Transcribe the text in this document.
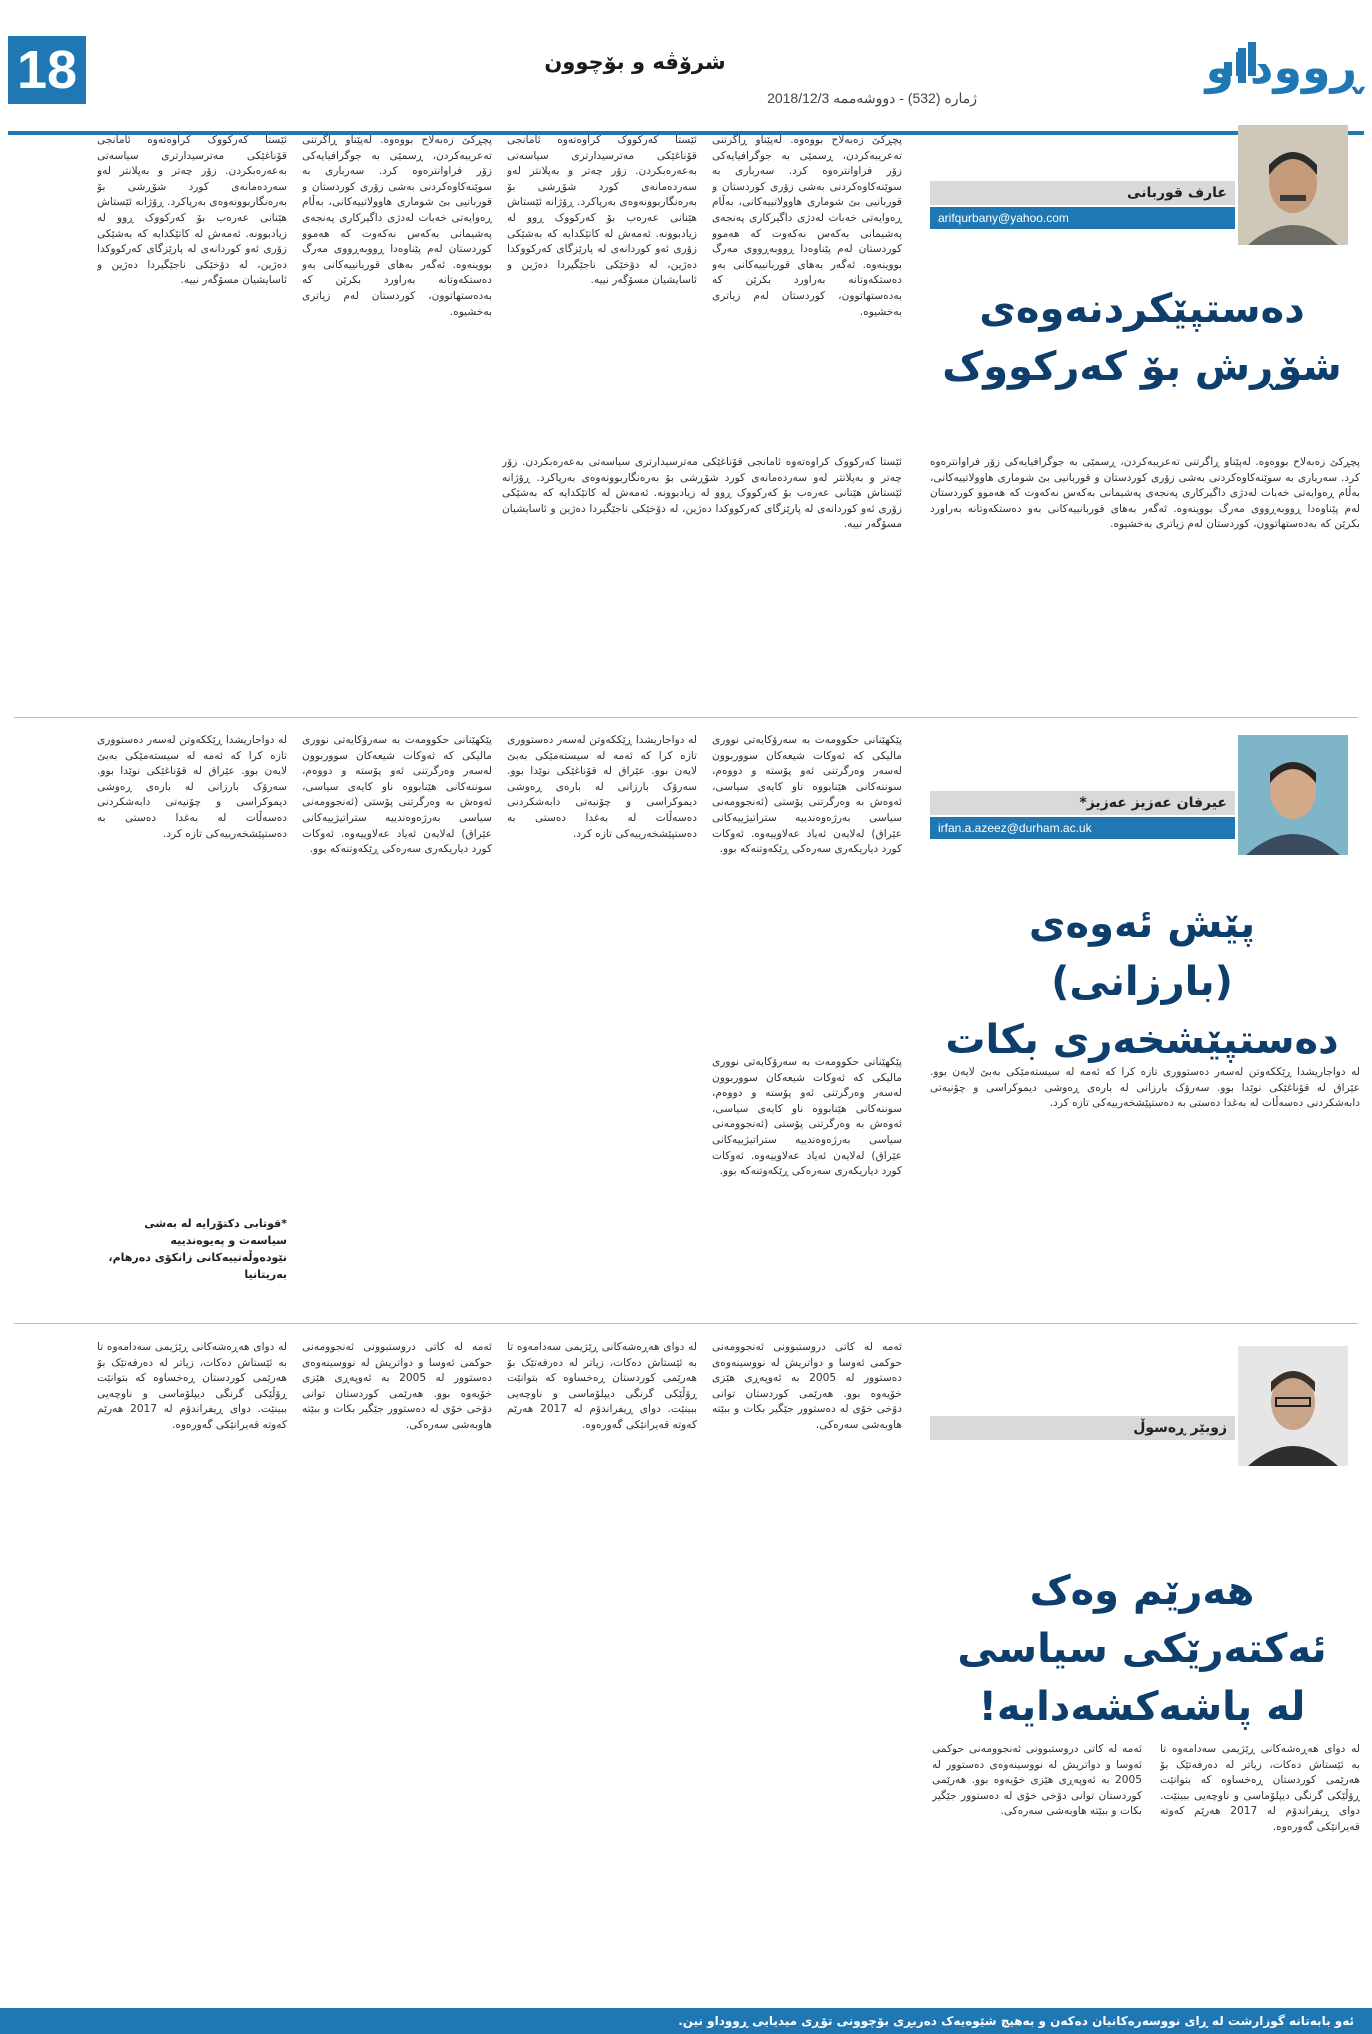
18	شرۆڤە و بۆچوون
ژمارە (532) - دووشەممە 2018/12/3
ڕووداو
عارف قوربانی
arifqurbany@yahoo.com
دەستپێکردنەوەی شۆڕش بۆ کەرکووک
پچڕکێ زەبەلاح بووەوە. لەپێناو ڕاگرتنی تەعریبەکردن، ڕسمێی بە جوگرافیایەکی زۆر فراوانترەوە کرد. سەرباری بە سوێنەکاوەکردنی بەشی زۆری کوردستان و قوربانیی بێ شوماری هاوولاتییەکانی، بەڵام ڕەوایەتی خەبات لەدژی داگیرکاری پەنجەی پەشیمانی بەکەس نەکەوت کە هەموو کوردستان لەم پێناوەدا ڕووبەڕووی مەرگ بووینەوە. ئەگەر بەهای قوربانییەکانی بەو دەستکەوتانە بەراورد بکرێن کە بەدەستهاتوون، کوردستان لەم زیاتری بەخشیوە.
ئێستا کەرکووک کراوەتەوە ئامانجی قۆناغێکی مەترسیدارتری سیاسەتی بەعەرەبکردن. زۆر چەتر و بەپلانتر لەو سەردەمانەی کورد شۆڕشی بۆ بەرەنگاربوونەوەی بەرپاکرد. ڕۆژانە ئێستاش هێنانی عەرەب بۆ کەرکووک ڕوو لە زیادبوونە. ئەمەش لە کاتێکدایە کە بەشێکی زۆری ئەو کوردانەی لە پارێزگای کەرکووکدا دەژین، لە دۆخێکی ناجێگیردا دەژین و ئاسایشیان مسۆگەر نییە.
پچڕکێ زەبەلاح بووەوە. لەپێناو ڕاگرتنی تەعریبەکردن، ڕسمێی بە جوگرافیایەکی زۆر فراوانترەوە کرد. سەرباری بە سوێنەکاوەکردنی بەشی زۆری کوردستان و قوربانیی بێ شوماری هاوولاتییەکانی، بەڵام ڕەوایەتی خەبات لەدژی داگیرکاری پەنجەی پەشیمانی بەکەس نەکەوت کە هەموو کوردستان لەم پێناوەدا ڕووبەڕووی مەرگ بووینەوە. ئەگەر بەهای قوربانییەکانی بەو دەستکەوتانە بەراورد بکرێن کە بەدەستهاتوون، کوردستان لەم زیاتری بەخشیوە.
ئێستا کەرکووک کراوەتەوە ئامانجی قۆناغێکی مەترسیدارتری سیاسەتی بەعەرەبکردن. زۆر چەتر و بەپلانتر لەو سەردەمانەی کورد شۆڕشی بۆ بەرەنگاربوونەوەی بەرپاکرد. ڕۆژانە ئێستاش هێنانی عەرەب بۆ کەرکووک ڕوو لە زیادبوونە. ئەمەش لە کاتێکدایە کە بەشێکی زۆری ئەو کوردانەی لە پارێزگای کەرکووکدا دەژین، لە دۆخێکی ناجێگیردا دەژین و ئاسایشیان مسۆگەر نییە.
پچڕکێ زەبەلاح بووەوە. لەپێناو ڕاگرتنی تەعریبەکردن، ڕسمێی بە جوگرافیایەکی زۆر فراوانترەوە کرد. سەرباری بە سوێنەکاوەکردنی بەشی زۆری کوردستان و قوربانیی بێ شوماری هاوولاتییەکانی، بەڵام ڕەوایەتی خەبات لەدژی داگیرکاری پەنجەی پەشیمانی بەکەس نەکەوت کە هەموو کوردستان لەم پێناوەدا ڕووبەڕووی مەرگ بووینەوە. ئەگەر بەهای قوربانییەکانی بەو دەستکەوتانە بەراورد بکرێن کە بەدەستهاتوون، کوردستان لەم زیاتری بەخشیوە.
ئێستا کەرکووک کراوەتەوە ئامانجی قۆناغێکی مەترسیدارتری سیاسەتی بەعەرەبکردن. زۆر چەتر و بەپلانتر لەو سەردەمانەی کورد شۆڕشی بۆ بەرەنگاربوونەوەی بەرپاکرد. ڕۆژانە ئێستاش هێنانی عەرەب بۆ کەرکووک ڕوو لە زیادبوونە. ئەمەش لە کاتێکدایە کە بەشێکی زۆری ئەو کوردانەی لە پارێزگای کەرکووکدا دەژین، لە دۆخێکی ناجێگیردا دەژین و ئاسایشیان مسۆگەر نییە.
عیرفان عەزیز عەزیز*
irfan.a.azeez@durham.ac.uk
پێش ئەوەی (بارزانی) دەستپێشخەری بکات
پێکهێنانی حکوومەت بە سەرۆکایەتی نووری مالیکی کە ئەوکات شیعەکان سووربوون لەسەر وەرگرتنی ئەو پۆستە و دووەم، سوننەکانی هێنابووە ناو کایەی سیاسی، ئەوەش بە وەرگرتنی پۆستی (ئەنجوومەنی سیاسی بەرژەوەندییە ستراتیژییەکانی عێراق) لەلایەن ئەیاد عەلاوییەوە. ئەوکات کورد دیاریکەری سەرەکی ڕێکەوتنەکە بوو.
لە دواجاریشدا ڕێککەوتن لەسەر دەستووری تازە کرا کە ئەمە لە سیستەمێکی بەبێ لایەن بوو. عێراق لە قۆناغێکی نوێدا بوو. سەرۆک بارزانی لە بارەی ڕەوشی دیموکراسی و چۆنیەتی دابەشکردنی دەسەڵات لە بەغدا دەستی بە دەستپێشخەرییەکی تازە کرد.
پێکهێنانی حکوومەت بە سەرۆکایەتی نووری مالیکی کە ئەوکات شیعەکان سووربوون لەسەر وەرگرتنی ئەو پۆستە و دووەم، سوننەکانی هێنابووە ناو کایەی سیاسی، ئەوەش بە وەرگرتنی پۆستی (ئەنجوومەنی سیاسی بەرژەوەندییە ستراتیژییەکانی عێراق) لەلایەن ئەیاد عەلاوییەوە. ئەوکات کورد دیاریکەری سەرەکی ڕێکەوتنەکە بوو.
لە دواجاریشدا ڕێککەوتن لەسەر دەستووری تازە کرا کە ئەمە لە سیستەمێکی بەبێ لایەن بوو. عێراق لە قۆناغێکی نوێدا بوو. سەرۆک بارزانی لە بارەی ڕەوشی دیموکراسی و چۆنیەتی دابەشکردنی دەسەڵات لە بەغدا دەستی بە دەستپێشخەرییەکی تازە کرد.
لە دواجاریشدا ڕێککەوتن لەسەر دەستووری تازە کرا کە ئەمە لە سیستەمێکی بەبێ لایەن بوو. عێراق لە قۆناغێکی نوێدا بوو. سەرۆک بارزانی لە بارەی ڕەوشی دیموکراسی و چۆنیەتی دابەشکردنی دەسەڵات لە بەغدا دەستی بە دەستپێشخەرییەکی تازە کرد.
پێکهێنانی حکوومەت بە سەرۆکایەتی نووری مالیکی کە ئەوکات شیعەکان سووربوون لەسەر وەرگرتنی ئەو پۆستە و دووەم، سوننەکانی هێنابووە ناو کایەی سیاسی، ئەوەش بە وەرگرتنی پۆستی (ئەنجوومەنی سیاسی بەرژەوەندییە ستراتیژییەکانی عێراق) لەلایەن ئەیاد عەلاوییەوە. ئەوکات کورد دیاریکەری سەرەکی ڕێکەوتنەکە بوو.
*قوتابی دکتۆرایە لە بەشی سیاسەت و پەیوەندییە نێودەوڵەتییەکانی زانکۆی دەرهام، بەریتانیا
زوبێر ڕەسوڵ
هەرێم وەک ئەکتەرێکی سیاسی لە پاشەکشەدایە!
ئەمە لە کاتی دروستبوونی ئەنجوومەنی حوکمی ئەوسا و دواتریش لە نووسینەوەی دەستوور لە 2005 بە ئەوپەڕی هێزی خۆیەوە بوو. هەرێمی کوردستان توانی دۆخی خۆی لە دەستوور جێگیر بکات و ببێتە هاوبەشی سەرەکی.
لە دوای هەڕەشەکانی ڕێژیمی سەدامەوە تا بە ئێستاش دەکات، زیاتر لە دەرفەتێک بۆ هەرێمی کوردستان ڕەخساوە کە بتوانێت ڕۆڵێکی گرنگی دیپلۆماسی و ناوچەیی ببینێت. دوای ڕیفراندۆم لە 2017 هەرێم کەوتە قەیرانێکی گەورەوە.
ئەمە لە کاتی دروستبوونی ئەنجوومەنی حوکمی ئەوسا و دواتریش لە نووسینەوەی دەستوور لە 2005 بە ئەوپەڕی هێزی خۆیەوە بوو. هەرێمی کوردستان توانی دۆخی خۆی لە دەستوور جێگیر بکات و ببێتە هاوبەشی سەرەکی.
لە دوای هەڕەشەکانی ڕێژیمی سەدامەوە تا بە ئێستاش دەکات، زیاتر لە دەرفەتێک بۆ هەرێمی کوردستان ڕەخساوە کە بتوانێت ڕۆڵێکی گرنگی دیپلۆماسی و ناوچەیی ببینێت. دوای ڕیفراندۆم لە 2017 هەرێم کەوتە قەیرانێکی گەورەوە.
لە دوای هەڕەشەکانی ڕێژیمی سەدامەوە تا بە ئێستاش دەکات، زیاتر لە دەرفەتێک بۆ هەرێمی کوردستان ڕەخساوە کە بتوانێت ڕۆڵێکی گرنگی دیپلۆماسی و ناوچەیی ببینێت. دوای ڕیفراندۆم لە 2017 هەرێم کەوتە قەیرانێکی گەورەوە.
ئەمە لە کاتی دروستبوونی ئەنجوومەنی حوکمی ئەوسا و دواتریش لە نووسینەوەی دەستوور لە 2005 بە ئەوپەڕی هێزی خۆیەوە بوو. هەرێمی کوردستان توانی دۆخی خۆی لە دەستوور جێگیر بکات و ببێتە هاوبەشی سەرەکی.
ئەو بابەتانە گوزارشت لە ڕای نووسەرەکانیان دەکەن و بەهیچ شێوەیەک دەربڕی بۆچوونی تۆڕی میدیایی ڕووداو نین.
